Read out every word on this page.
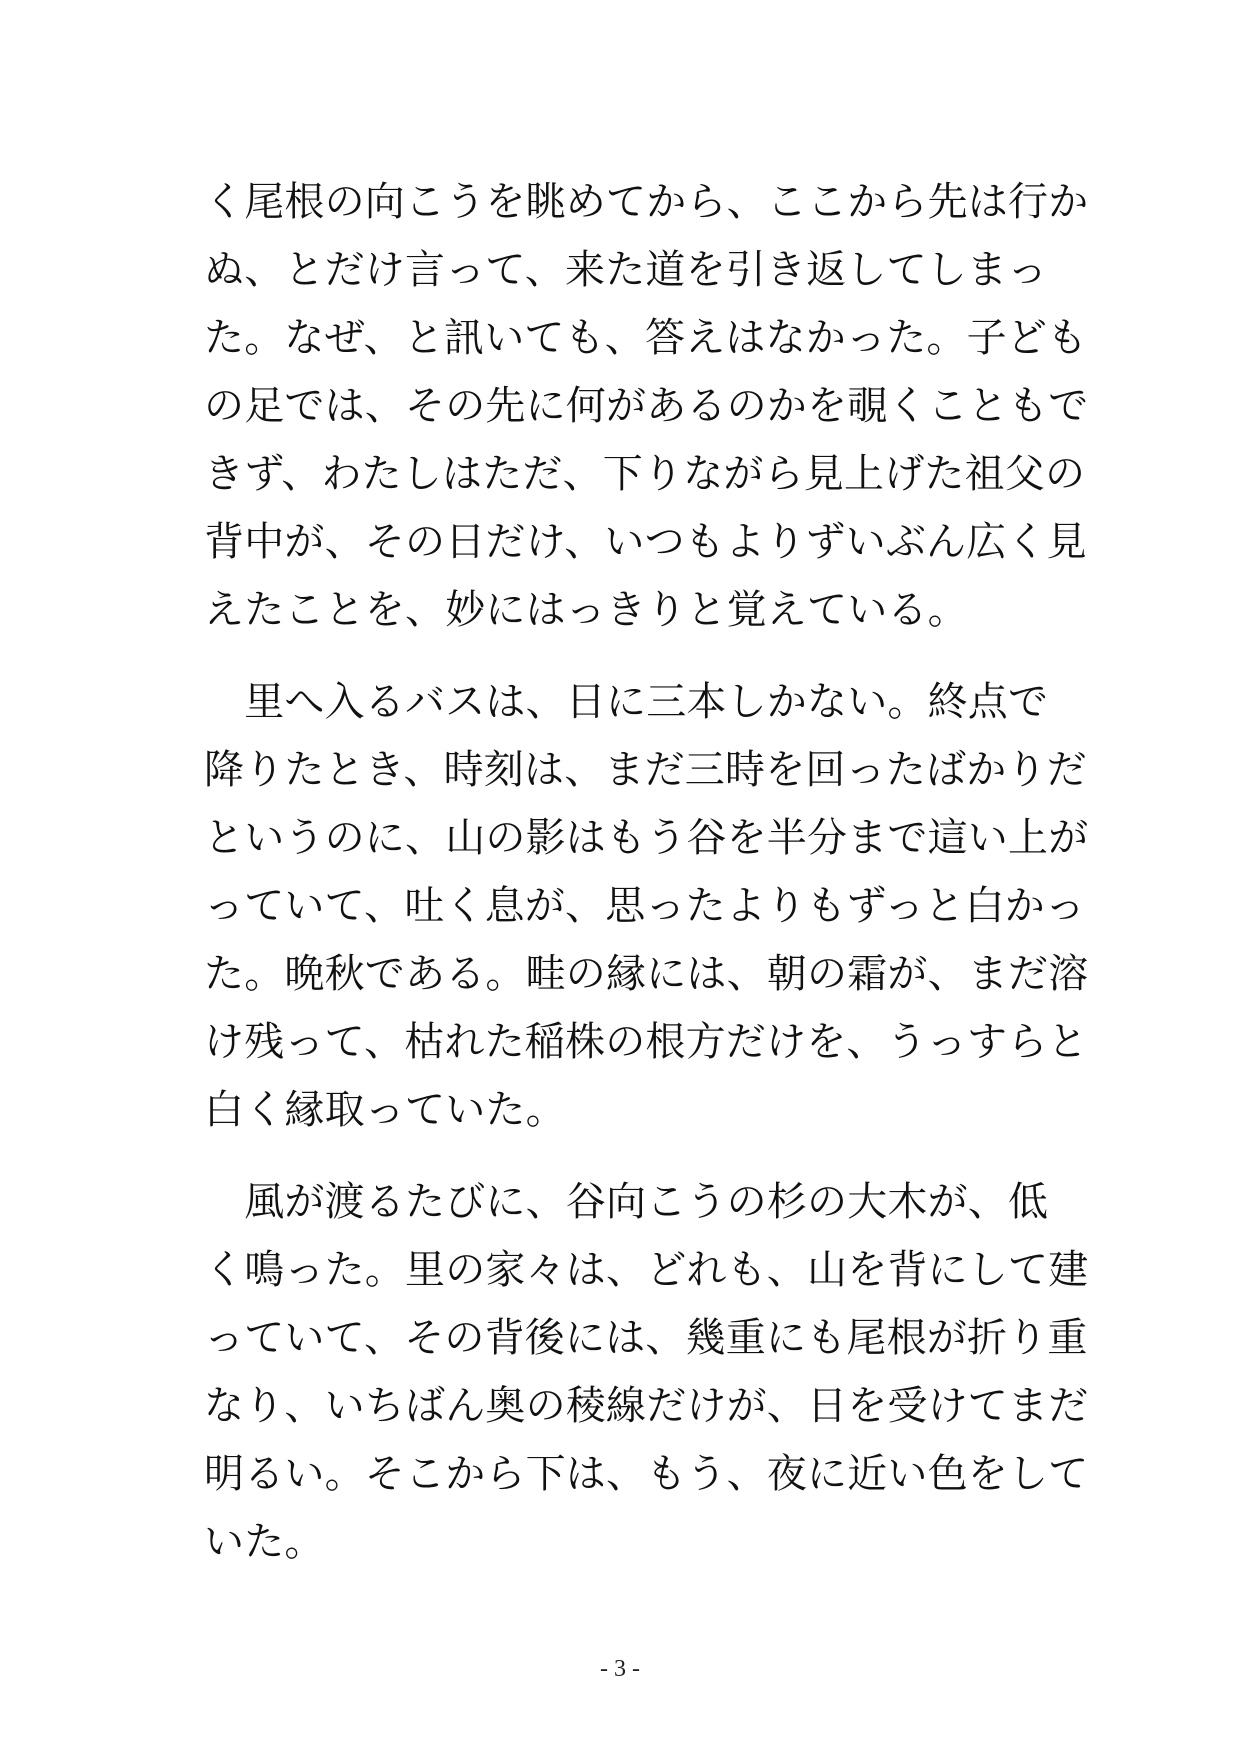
く尾根の向こうを眺めてから、ここから先は行か
ぬ、とだけ言って、来た道を引き返してしまっ
た。なぜ、と訊いても、答えはなかった。子ども
の足では、その先に何があるのかを覗くこともで
きず、わたしはただ、下りながら見上げた祖父の
背中が、その日だけ、いつもよりずいぶん広く見
えたことを、妙にはっきりと覚えている。

　里へ入るバスは、日に三本しかない。終点で
降りたとき、時刻は、まだ三時を回ったばかりだ
というのに、山の影はもう谷を半分まで這い上が
っていて、吐く息が、思ったよりもずっと白かっ
た。晩秋である。畦の縁には、朝の霜が、まだ溶
け残って、枯れた稲株の根方だけを、うっすらと
白く縁取っていた。

　風が渡るたびに、谷向こうの杉の大木が、低
く鳴った。里の家々は、どれも、山を背にして建
っていて、その背後には、幾重にも尾根が折り重
なり、いちばん奥の稜線だけが、日を受けてまだ
明るい。そこから下は、もう、夜に近い色をして
いた。

- 3 -
